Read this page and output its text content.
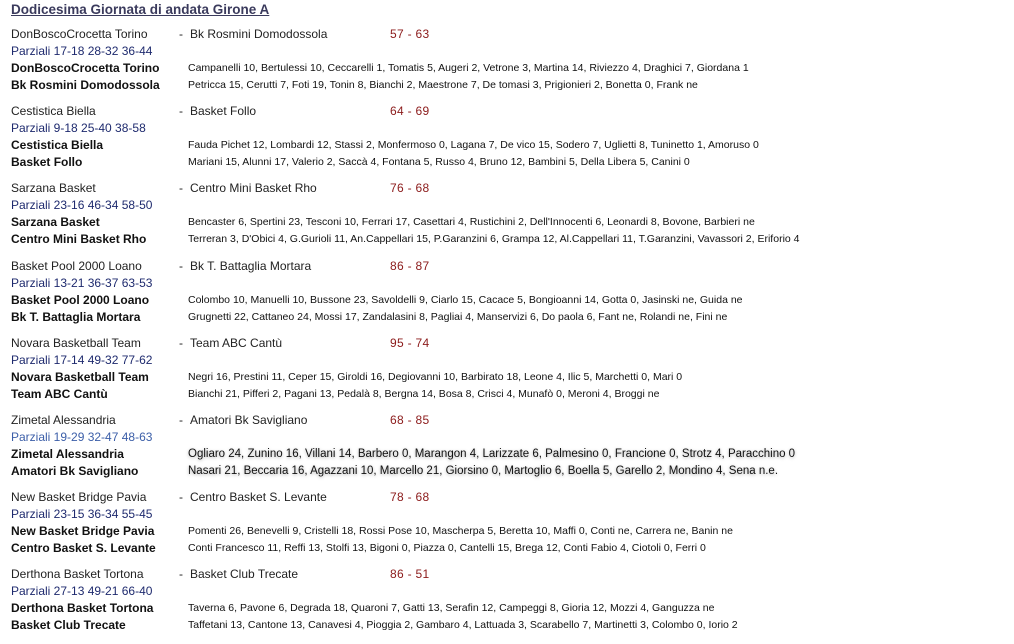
Dodicesima Giornata di andata Girone A
DonBoscoCrocetta Torino	- Bk Rosmini Domodossola	57 - 63
Parziali 17-18 28-32 36-44
DonBoscoCrocetta Torino	Campanelli 10, Bertulessi 10, Ceccarelli 1, Tomatis 5, Augeri 2, Vetrone 3, Martina 14, Riviezzo 4, Draghici 7, Giordana 1
Bk Rosmini Domodossola	Petricca 15, Cerutti 7, Foti 19, Tonin 8, Bianchi 2, Maestrone 7, De tomasi 3, Prigionieri 2, Bonetta 0, Frank ne
Cestistica Biella	- Basket Follo	64 - 69
Parziali 9-18 25-40 38-58
Cestistica Biella	Fauda Pichet 12, Lombardi 12, Stassi 2, Monfermoso 0, Lagana 7, De vico 15, Sodero 7, Uglietti 8, Tuninetto 1, Amoruso 0
Basket Follo	Mariani 15, Alunni 17, Valerio 2, Saccà 4, Fontana 5, Russo 4, Bruno 12, Bambini 5, Della Libera 5, Canini 0
Sarzana Basket	- Centro Mini Basket Rho	76 - 68
Parziali 23-16 46-34 58-50
Sarzana Basket	Bencaster 6, Spertini 23, Tesconi 10, Ferrari 17, Casettari 4, Rustichini 2, Dell'Innocenti 6, Leonardi 8, Bovone, Barbieri ne
Centro Mini Basket Rho	Terreran 3, D'Obici 4, G.Gurioli 11, An.Cappellari 15, P.Garanzini 6, Grampa 12, Al.Cappellari 11, T.Garanzini, Vavassori 2, Eriforio 4
Basket Pool 2000 Loano	- Bk T. Battaglia Mortara	86 - 87
Parziali 13-21 36-37 63-53
Basket Pool 2000 Loano	Colombo 10, Manuelli 10, Bussone 23, Savoldelli 9, Ciarlo 15, Cacace 5, Bongioanni 14, Gotta 0, Jasinski ne, Guida ne
Bk T. Battaglia Mortara	Grugnetti 22, Cattaneo 24, Mossi 17, Zandalasini 8, Pagliai 4, Manservizi 6, Do paola 6, Fant ne, Rolandi ne, Fini ne
Novara Basketball Team	- Team ABC Cantù	95 - 74
Parziali 17-14 49-32 77-62
Novara Basketball Team	Negri 16, Prestini 11, Ceper 15, Giroldi 16, Degiovanni 10, Barbirato 18, Leone 4, Ilic 5, Marchetti 0, Mari 0
Team ABC Cantù	Bianchi 21, Pifferi 2, Pagani 13, Pedalà 8, Bergna 14, Bosa 8, Crisci 4, Munafò 0, Meroni 4, Broggi ne
Zimetal Alessandria	- Amatori Bk Savigliano	68 - 85
Parziali 19-29 32-47 48-63
Zimetal Alessandria	Ogliaro 24, Zunino 16, Villani 14, Barbero 0, Marangon 4, Larizzate 6, Palmesino 0, Francione 0, Strotz 4, Paracchino 0
Amatori Bk Savigliano	Nasari 21, Beccaria 16, Agazzani 10, Marcello 21, Giorsino 0, Martoglio 6, Boella 5, Garello 2, Mondino 4, Sena n.e.
New Basket Bridge Pavia	- Centro Basket S. Levante	78 - 68
Parziali 23-15 36-34 55-45
New Basket Bridge Pavia	Pomenti 26, Benevelli 9, Cristelli 18, Rossi Pose 10, Mascherpa 5, Beretta 10, Maffi 0, Conti ne, Carrera ne, Banin ne
Centro Basket S. Levante	Conti Francesco 11, Reffi 13, Stolfi 13, Bigoni 0, Piazza 0, Cantelli 15, Brega 12, Conti Fabio 4, Ciotoli 0, Ferri 0
Derthona Basket Tortona	- Basket Club Trecate	86 - 51
Parziali 27-13 49-21 66-40
Derthona Basket Tortona	Taverna 6, Pavone 6, Degrada 18, Quaroni 7, Gatti 13, Serafin 12, Campeggi 8, Gioria 12, Mozzi 4, Ganguzza ne
Basket Club Trecate	Taffetani 13, Cantone 13, Canavesi 4, Pioggia 2, Gambaro 4, Lattuada 3, Scarabello 7, Martinetti 3, Colombo 0, Iorio 2
